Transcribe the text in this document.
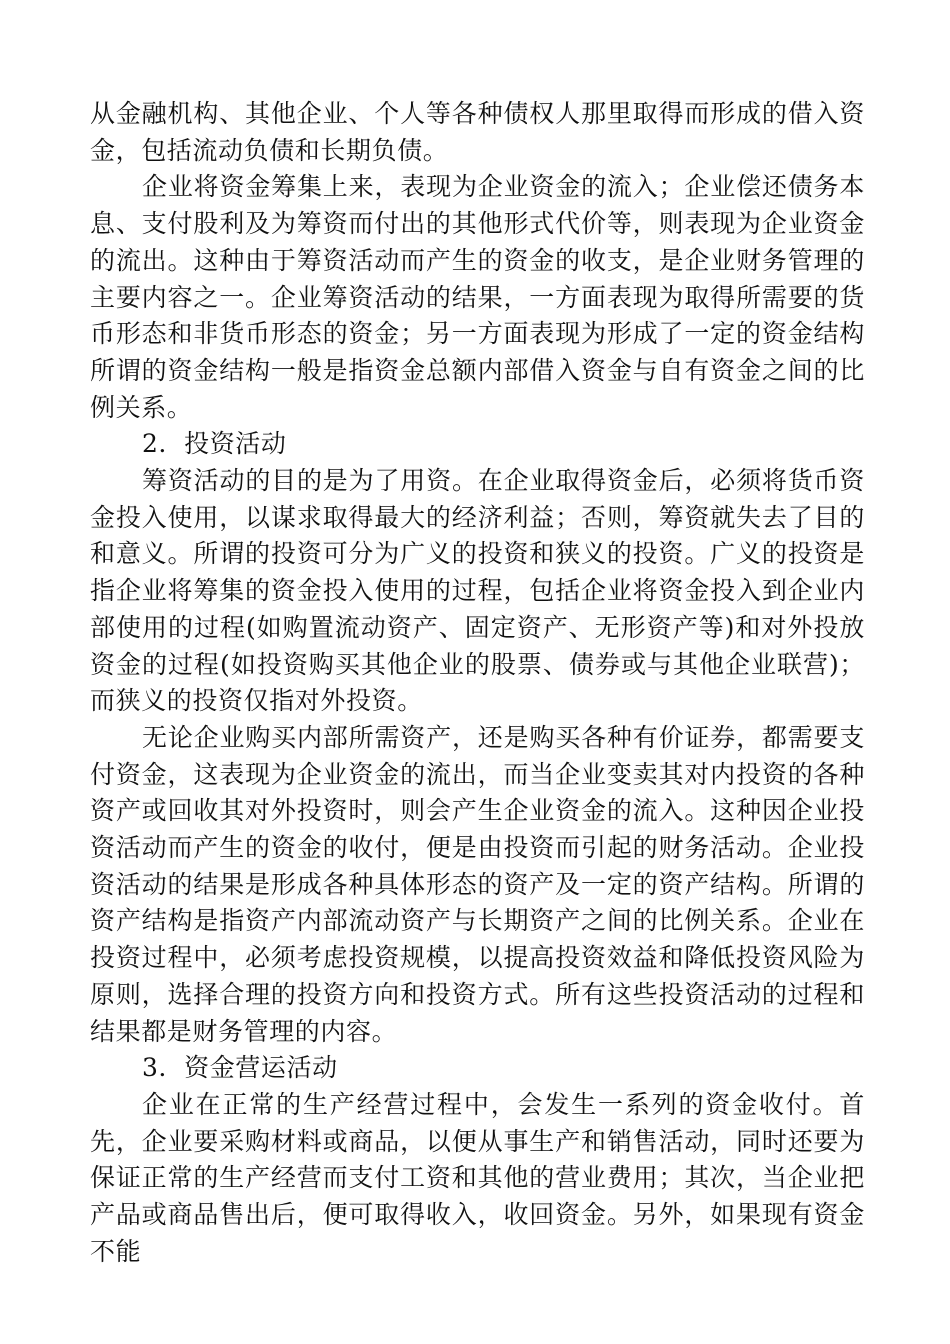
从金融机构、其他企业、个人等各种债权人那里取得而形成的借入资金，包括流动负债和长期负债。

企业将资金筹集上来，表现为企业资金的流入；企业偿还债务本息、支付股利及为筹资而付出的其他形式代价等，则表现为企业资金的流出。这种由于筹资活动而产生的资金的收支，是企业财务管理的主要内容之一。企业筹资活动的结果，一方面表现为取得所需要的货币形态和非货币形态的资金；另一方面表现为形成了一定的资金结构所谓的资金结构一般是指资金总额内部借入资金与自有资金之间的比例关系。

2．投资活动

筹资活动的目的是为了用资。在企业取得资金后，必须将货币资金投入使用，以谋求取得最大的经济利益；否则，筹资就失去了目的和意义。所谓的投资可分为广义的投资和狭义的投资。广义的投资是指企业将筹集的资金投入使用的过程，包括企业将资金投入到企业内部使用的过程(如购置流动资产、固定资产、无形资产等)和对外投放资金的过程(如投资购买其他企业的股票、债券或与其他企业联营)；而狭义的投资仅指对外投资。

无论企业购买内部所需资产，还是购买各种有价证券，都需要支付资金，这表现为企业资金的流出，而当企业变卖其对内投资的各种资产或回收其对外投资时，则会产生企业资金的流入。这种因企业投资活动而产生的资金的收付，便是由投资而引起的财务活动。企业投资活动的结果是形成各种具体形态的资产及一定的资产结构。所谓的资产结构是指资产内部流动资产与长期资产之间的比例关系。企业在投资过程中，必须考虑投资规模，以提高投资效益和降低投资风险为原则，选择合理的投资方向和投资方式。所有这些投资活动的过程和结果都是财务管理的内容。

3．资金营运活动

企业在正常的生产经营过程中，会发生一系列的资金收付。首先，企业要采购材料或商品，以便从事生产和销售活动，同时还要为保证正常的生产经营而支付工资和其他的营业费用；其次，当企业把产品或商品售出后，便可取得收入，收回资金。另外，如果现有资金不能
